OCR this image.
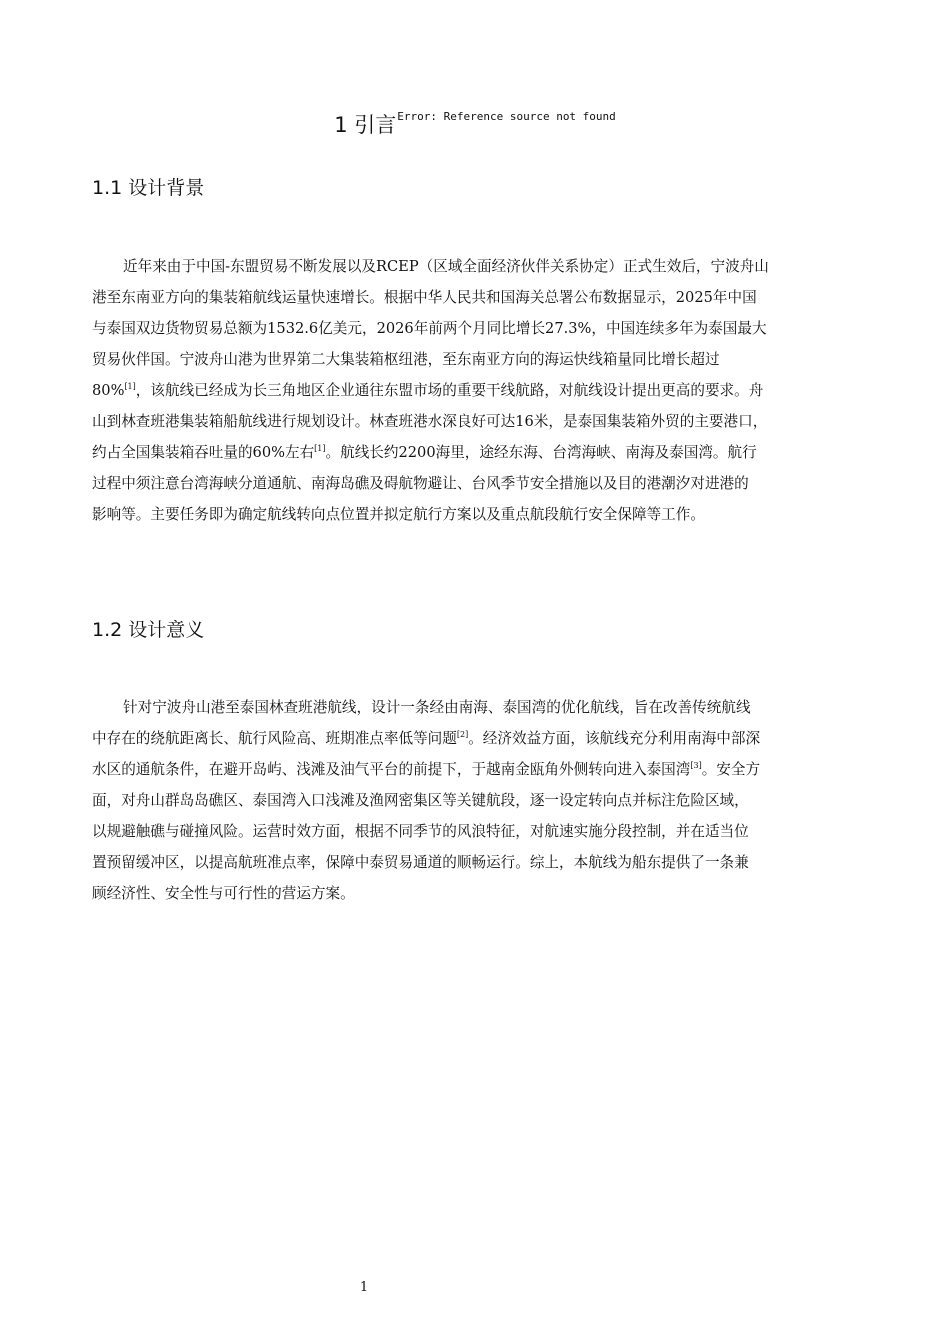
1 引言$^{Error: Reference source not found}$
1.1 设计背景

近年来由于中国-东盟贸易不断发展以及RCEP（区域全面经济伙伴关系协定）正式生效后，宁波舟山
港至东南亚方向的集装箱航线运量快速增长。根据中华人民共和国海关总署公布数据显示，2025年中国
与泰国双边货物贸易总额为1532.6亿美元，2026年前两个月同比增长27.3%，中国连续多年为泰国最大
贸易伙伴国。宁波舟山港为世界第二大集装箱枢纽港，至东南亚方向的海运快线箱量同比增长超过
80%[1]，该航线已经成为长三角地区企业通往东盟市场的重要干线航路，对航线设计提出更高的要求。舟
山到林查班港集装箱船航线进行规划设计。林查班港水深良好可达16米，是泰国集装箱外贸的主要港口，
约占全国集装箱吞吐量的60%左右[1]。航线长约2200海里，途经东海、台湾海峡、南海及泰国湾。航行
过程中须注意台湾海峡分道通航、南海岛礁及碍航物避让、台风季节安全措施以及目的港潮汐对进港的
影响等。主要任务即为确定航线转向点位置并拟定航行方案以及重点航段航行安全保障等工作。

1.2 设计意义

针对宁波舟山港至泰国林查班港航线，设计一条经由南海、泰国湾的优化航线，旨在改善传统航线
中存在的绕航距离长、航行风险高、班期准点率低等问题[2]。经济效益方面，该航线充分利用南海中部深
水区的通航条件，在避开岛屿、浅滩及油气平台的前提下，于越南金瓯角外侧转向进入泰国湾[3]。安全方
面，对舟山群岛岛礁区、泰国湾入口浅滩及渔网密集区等关键航段，逐一设定转向点并标注危险区域，
以规避触礁与碰撞风险。运营时效方面，根据不同季节的风浪特征，对航速实施分段控制，并在适当位
置预留缓冲区，以提高航班准点率，保障中泰贸易通道的顺畅运行。综上，本航线为船东提供了一条兼
顾经济性、安全性与可行性的营运方案。

1
